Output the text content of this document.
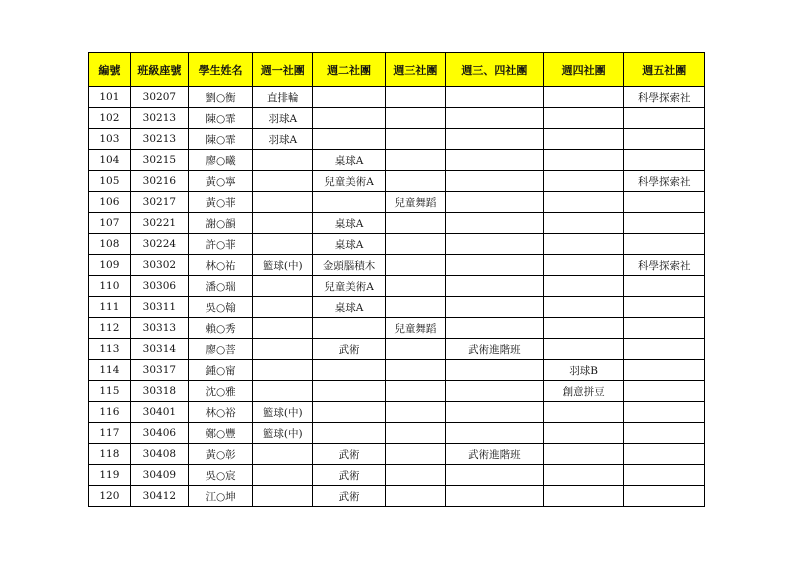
編號	班級座號	學生姓名	週一社團	週二社團	週三社團	週三、四社團	週四社團	週五社團
101	30207	劉○衡	直排輪					科學探索社
102	30213	陳○霏	羽球A					
103	30213	陳○霏	羽球A					
104	30215	廖○曦		桌球A				
105	30216	黃○寧		兒童美術A				科學探索社
106	30217	黃○菲			兒童舞蹈			
107	30221	謝○韻		桌球A				
108	30224	許○菲		桌球A				
109	30302	林○祐	籃球(中)	金頭腦積木				科學探索社
110	30306	潘○瑞		兒童美術A				
111	30311	吳○翰		桌球A				
112	30313	賴○秀			兒童舞蹈			
113	30314	廖○菩		武術		武術進階班		
114	30317	鍾○甯					羽球B	
115	30318	沈○雅					創意拼豆	
116	30401	林○裕	籃球(中)					
117	30406	鄭○豐	籃球(中)					
118	30408	黃○彰		武術		武術進階班		
119	30409	吳○宸		武術				
120	30412	江○坤		武術				
